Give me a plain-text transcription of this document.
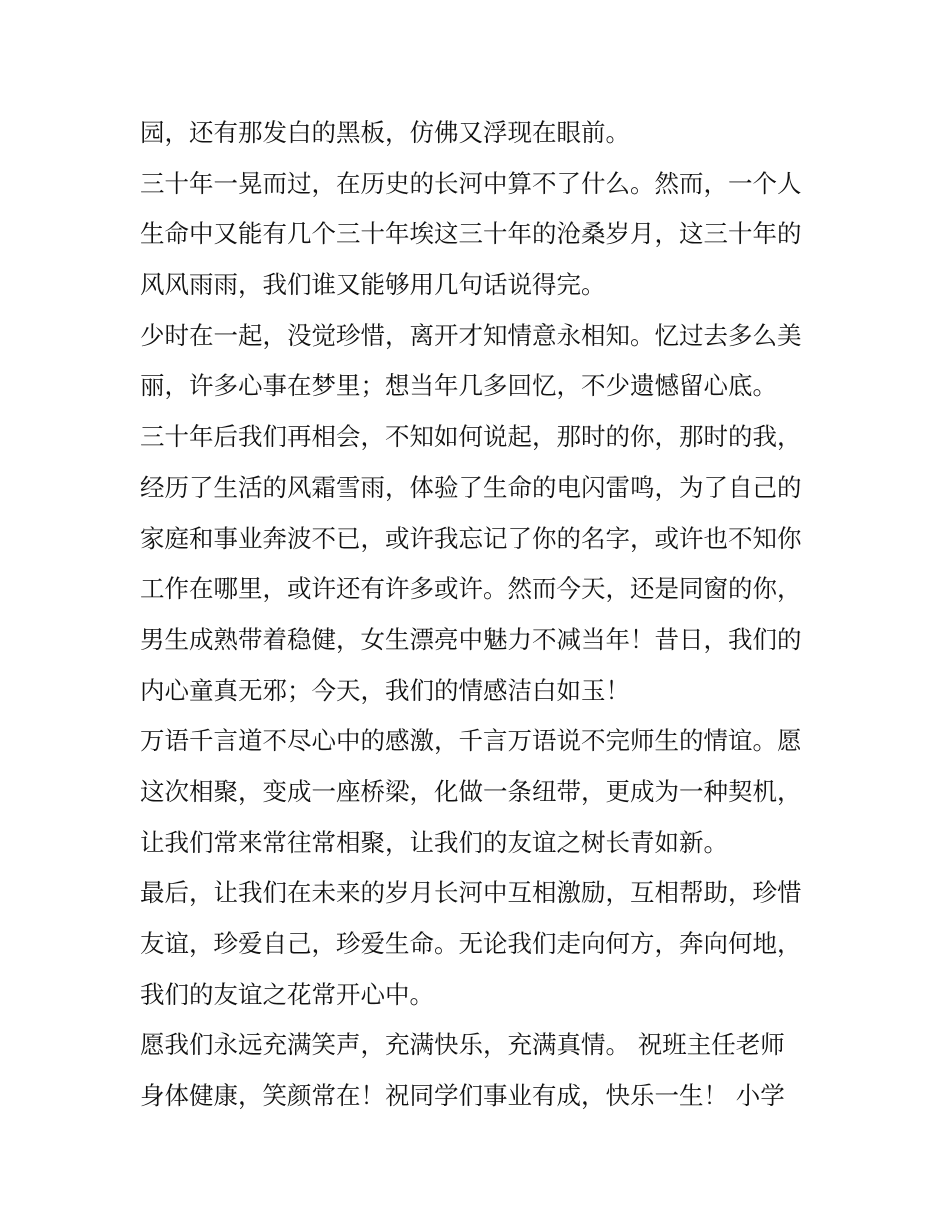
园，还有那发白的黑板，仿佛又浮现在眼前。
三十年一晃而过，在历史的长河中算不了什么。然而，一个人
生命中又能有几个三十年埃这三十年的沧桑岁月，这三十年的
风风雨雨，我们谁又能够用几句话说得完。
少时在一起，没觉珍惜，离开才知情意永相知。忆过去多么美
丽，许多心事在梦里；想当年几多回忆，不少遗憾留心底。
三十年后我们再相会，不知如何说起，那时的你，那时的我，
经历了生活的风霜雪雨，体验了生命的电闪雷鸣，为了自己的
家庭和事业奔波不已，或许我忘记了你的名字，或许也不知你
工作在哪里，或许还有许多或许。然而今天，还是同窗的你，
男生成熟带着稳健，女生漂亮中魅力不减当年！昔日，我们的
内心童真无邪；今天，我们的情感洁白如玉！
万语千言道不尽心中的感激，千言万语说不完师生的情谊。愿
这次相聚，变成一座桥梁，化做一条纽带，更成为一种契机，
让我们常来常往常相聚，让我们的友谊之树长青如新。
最后，让我们在未来的岁月长河中互相激励，互相帮助，珍惜
友谊，珍爱自己，珍爱生命。无论我们走向何方，奔向何地，
我们的友谊之花常开心中。
愿我们永远充满笑声，充满快乐，充满真情。 祝班主任老师
身体健康，笑颜常在！祝同学们事业有成，快乐一生！ 小学
